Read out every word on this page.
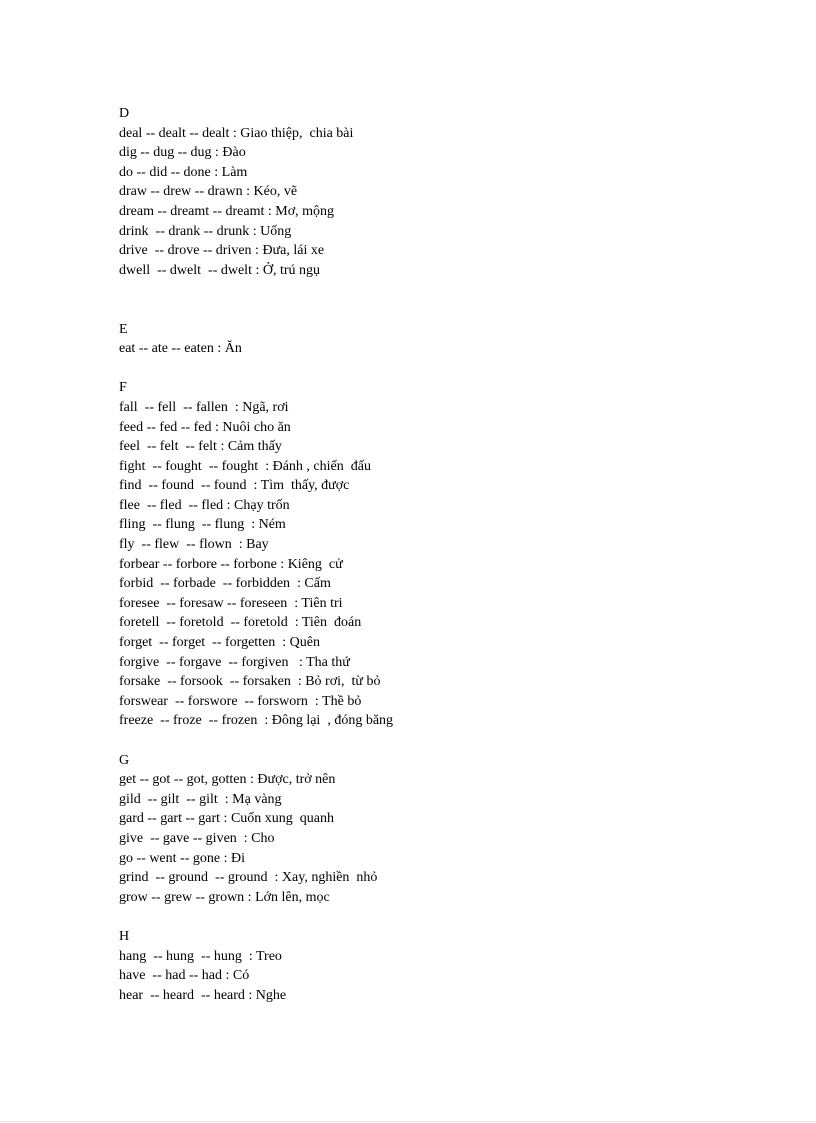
D
deal -- dealt -- dealt : Giao thiệp,  chia bài
dig -- dug -- dug : Đào
do -- did -- done : Làm
draw -- drew -- drawn : Kéo, vẽ
dream -- dreamt -- dreamt : Mơ, mộng
drink  -- drank -- drunk : Uống
drive  -- drove -- driven : Đưa, lái xe
dwell  -- dwelt  -- dwelt : Ở, trú ngụ
E
eat -- ate -- eaten : Ăn
F
fall  -- fell  -- fallen  : Ngã, rơi
feed -- fed -- fed : Nuôi cho ăn
feel  -- felt  -- felt : Cảm thấy
fight  -- fought  -- fought  : Đánh , chiến  đấu
find  -- found  -- found  : Tìm  thấy, được
flee  -- fled  -- fled : Chạy trốn
fling  -- flung  -- flung  : Ném
fly  -- flew  -- flown  : Bay
forbear -- forbore -- forbone : Kiêng  cử
forbid  -- forbade  -- forbidden  : Cấm
foresee  -- foresaw -- foreseen  : Tiên tri
foretell  -- foretold  -- foretold  : Tiên  đoán
forget  -- forget  -- forgetten  : Quên
forgive  -- forgave  -- forgiven   : Tha thứ
forsake  -- forsook  -- forsaken  : Bỏ rơi,  từ bỏ
forswear  -- forswore  -- forsworn  : Thề bỏ
freeze  -- froze  -- frozen  : Đông lại  , đóng băng
G
get -- got -- got, gotten : Được, trở nên
gild  -- gilt  -- gilt  : Mạ vàng
gard -- gart -- gart : Cuốn xung  quanh
give  -- gave -- given  : Cho
go -- went -- gone : Đi
grind  -- ground  -- ground  : Xay, nghiền  nhỏ
grow -- grew -- grown : Lớn lên, mọc
H
hang  -- hung  -- hung  : Treo
have  -- had -- had : Có
hear  -- heard  -- heard : Nghe
